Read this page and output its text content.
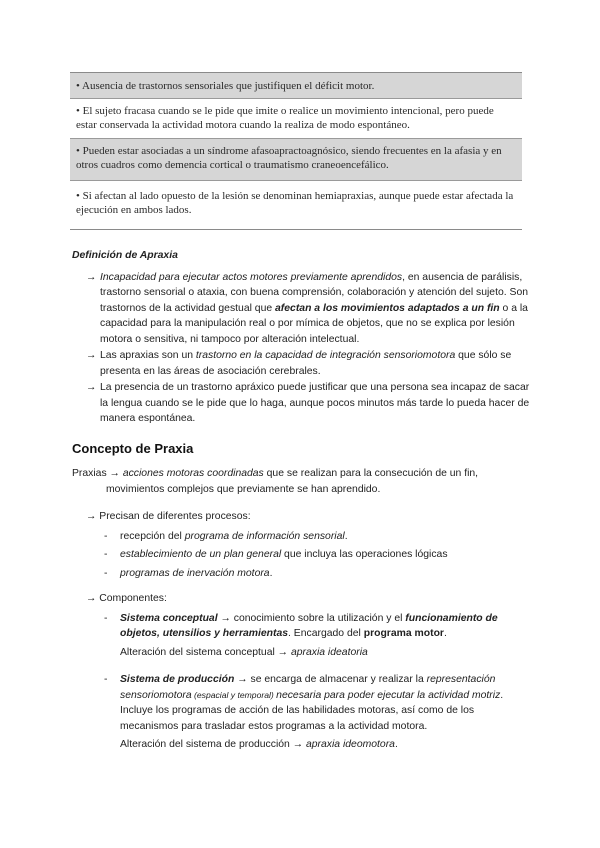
• Ausencia de trastornos sensoriales que justifiquen el déficit motor.
• El sujeto fracasa cuando se le pide que imite o realice un movimiento intencional, pero puede estar conservada la actividad motora cuando la realiza de modo espontáneo.
• Pueden estar asociadas a un síndrome afasoapractoagnósico, siendo frecuentes en la afasia y en otros cuadros como demencia cortical o traumatismo craneoencefálico.
• Si afectan al lado opuesto de la lesión se denominan hemiapraxias, aunque puede estar afectada la ejecución en ambos lados.
Definición de Apraxia
→ Incapacidad para ejecutar actos motores previamente aprendidos, en ausencia de parálisis, trastorno sensorial o ataxia, con buena comprensión, colaboración y atención del sujeto. Son trastornos de la actividad gestual que afectan a los movimientos adaptados a un fin o a la capacidad para la manipulación real o por mímica de objetos, que no se explica por lesión motora o sensitiva, ni tampoco por alteración intelectual.
→ Las apraxias son un trastorno en la capacidad de integración sensoriomotora que sólo se presenta en las áreas de asociación cerebrales.
→ La presencia de un trastorno apráxico puede justificar que una persona sea incapaz de sacar la lengua cuando se le pide que lo haga, aunque pocos minutos más tarde lo pueda hacer de manera espontánea.
Concepto de Praxia
Praxias → acciones motoras coordinadas que se realizan para la consecución de un fin,
movimientos complejos que previamente se han aprendido.
→ Precisan de diferentes procesos:
- recepción del programa de información sensorial.
- establecimiento de un plan general que incluya las operaciones lógicas
- programas de inervación motora.
→ Componentes:
- Sistema conceptual → conocimiento sobre la utilización y el funcionamiento de objetos, utensilios y herramientas. Encargado del programa motor.
Alteración del sistema conceptual → apraxia ideatoria
- Sistema de producción → se encarga de almacenar y realizar la representación sensoriomotora (espacial y temporal) necesaria para poder ejecutar la actividad motriz. Incluye los programas de acción de las habilidades motoras, así como de los mecanismos para trasladar estos programas a la actividad motora.
Alteración del sistema de producción → apraxia ideomotora.
